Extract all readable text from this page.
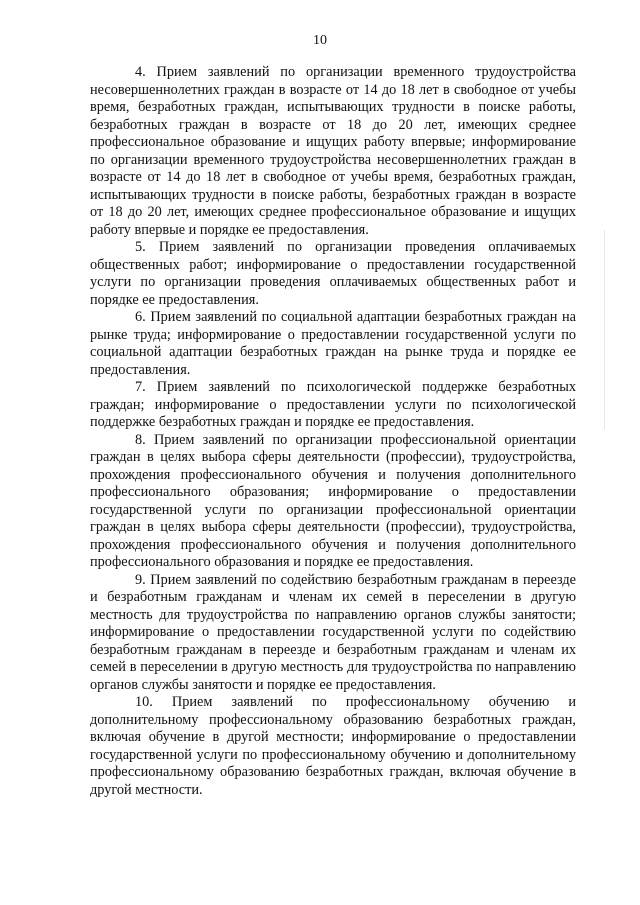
10

4. Прием заявлений по организации временного трудоустройства несовершеннолетних граждан в возрасте от 14 до 18 лет в свободное от учебы время, безработных граждан, испытывающих трудности в поиске работы, безработных граждан в возрасте от 18 до 20 лет, имеющих среднее профессиональное образование и ищущих работу впервые; информирование по организации временного трудоустройства несовершеннолетних граждан в возрасте от 14 до 18 лет в свободное от учебы время, безработных граждан, испытывающих трудности в поиске работы, безработных граждан в возрасте от 18 до 20 лет, имеющих среднее профессиональное образование и ищущих работу впервые и порядке ее предоставления.

5. Прием заявлений по организации проведения оплачиваемых общественных работ; информирование о предоставлении государственной услуги по организации проведения оплачиваемых общественных работ и порядке ее предоставления.

6. Прием заявлений по социальной адаптации безработных граждан на рынке труда; информирование о предоставлении государственной услуги по социальной адаптации безработных граждан на рынке труда и порядке ее предоставления.

7. Прием заявлений по психологической поддержке безработных граждан; информирование о предоставлении услуги по психологической поддержке безработных граждан и порядке ее предоставления.

8. Прием заявлений по организации профессиональной ориентации граждан в целях выбора сферы деятельности (профессии), трудоустройства, прохождения профессионального обучения и получения дополнительного профессионального образования; информирование о предоставлении государственной услуги по организации профессиональной ориентации граждан в целях выбора сферы деятельности (профессии), трудоустройства, прохождения профессионального обучения и получения дополнительного профессионального образования и порядке ее предоставления.

9. Прием заявлений по содействию безработным гражданам в переезде и безработным гражданам и членам их семей в переселении в другую местность для трудоустройства по направлению органов службы занятости; информирование о предоставлении государственной услуги по содействию безработным гражданам в переезде и безработным гражданам и членам их семей в переселении в другую местность для трудоустройства по направлению органов службы занятости и порядке ее предоставления.

10. Прием заявлений по профессиональному обучению и дополнительному профессиональному образованию безработных граждан, включая обучение в другой местности; информирование о предоставлении государственной услуги по профессиональному обучению и дополнительному профессиональному образованию безработных граждан, включая обучение в другой местности.
